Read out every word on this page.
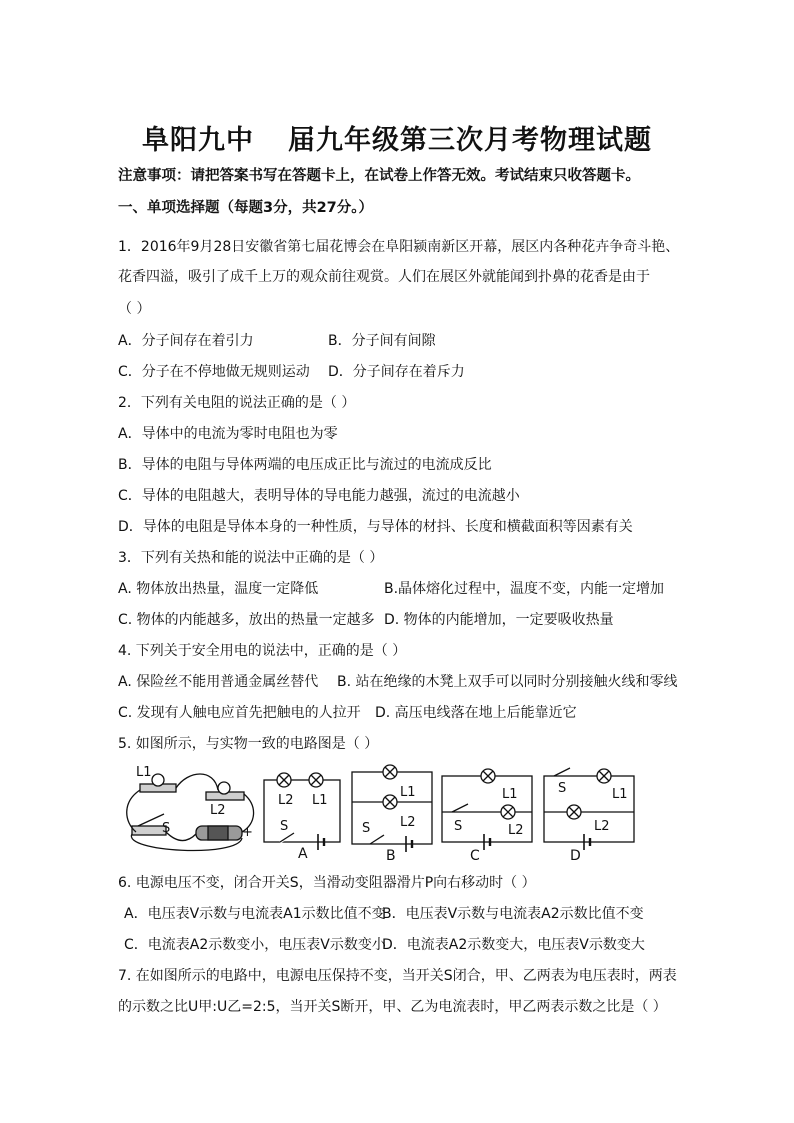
阜阳九中 届九年级第三次月考物理试题
注意事项：请把答案书写在答题卡上，在试卷上作答无效。考试结束只收答题卡。
一、单项选择题（每题3分，共27分。）
1．2016年9月28日安徽省第七届花博会在阜阳颍南新区开幕，展区内各种花卉争奇斗艳、
花香四溢，吸引了成千上万的观众前往观赏。人们在展区外就能闻到扑鼻的花香是由于
（ ）
A．分子间存在着引力	B．分子间有间隙
C．分子在不停地做无规则运动 D．分子间存在着斥力
2．下列有关电阻的说法正确的是（ ）
A．导体中的电流为零时电阻也为零
B．导体的电阻与导体两端的电压成正比与流过的电流成反比
C．导体的电阻越大，表明导体的导电能力越强，流过的电流越小
D．导体的电阻是导体本身的一种性质，与导体的材抖、长度和横截面积等因素有关
3．下列有关热和能的说法中正确的是（ ）
A. 物体放出热量，温度一定降低	B.晶体熔化过程中，温度不变，内能一定增加
C. 物体的内能越多，放出的热量一定越多 D. 物体的内能增加，一定要吸收热量
4. 下列关于安全用电的说法中，正确的是（ ）
A. 保险丝不能用普通金属丝替代 B. 站在绝缘的木凳上双手可以同时分别接触火线和零线
C. 发现有人触电应首先把触电的人拉开 D. 高压电线落在地上后能靠近它
5. 如图所示，与实物一致的电路图是（ ）
L1
L2
S	+
L2 L1
S
A
L1
L2
S
B
L1
S	L2
C
S	L1
L2
D
6. 电源电压不变，闭合开关S，当滑动变阻器滑片P向右移动时（ ）
A．电压表V示数与电流表A1示数比值不变
B．电压表V示数与电流表A2示数比值不变
C．电流表A2示数变小，电压表V示数变小
D．电流表A2示数变大，电压表V示数变大
7. 在如图所示的电路中，电源电压保持不变，当开关S闭合，甲、乙两表为电压表时，两表
的示数之比U甲:U乙=2:5，当开关S断开，甲、乙为电流表时，甲乙两表示数之比是（ ）
